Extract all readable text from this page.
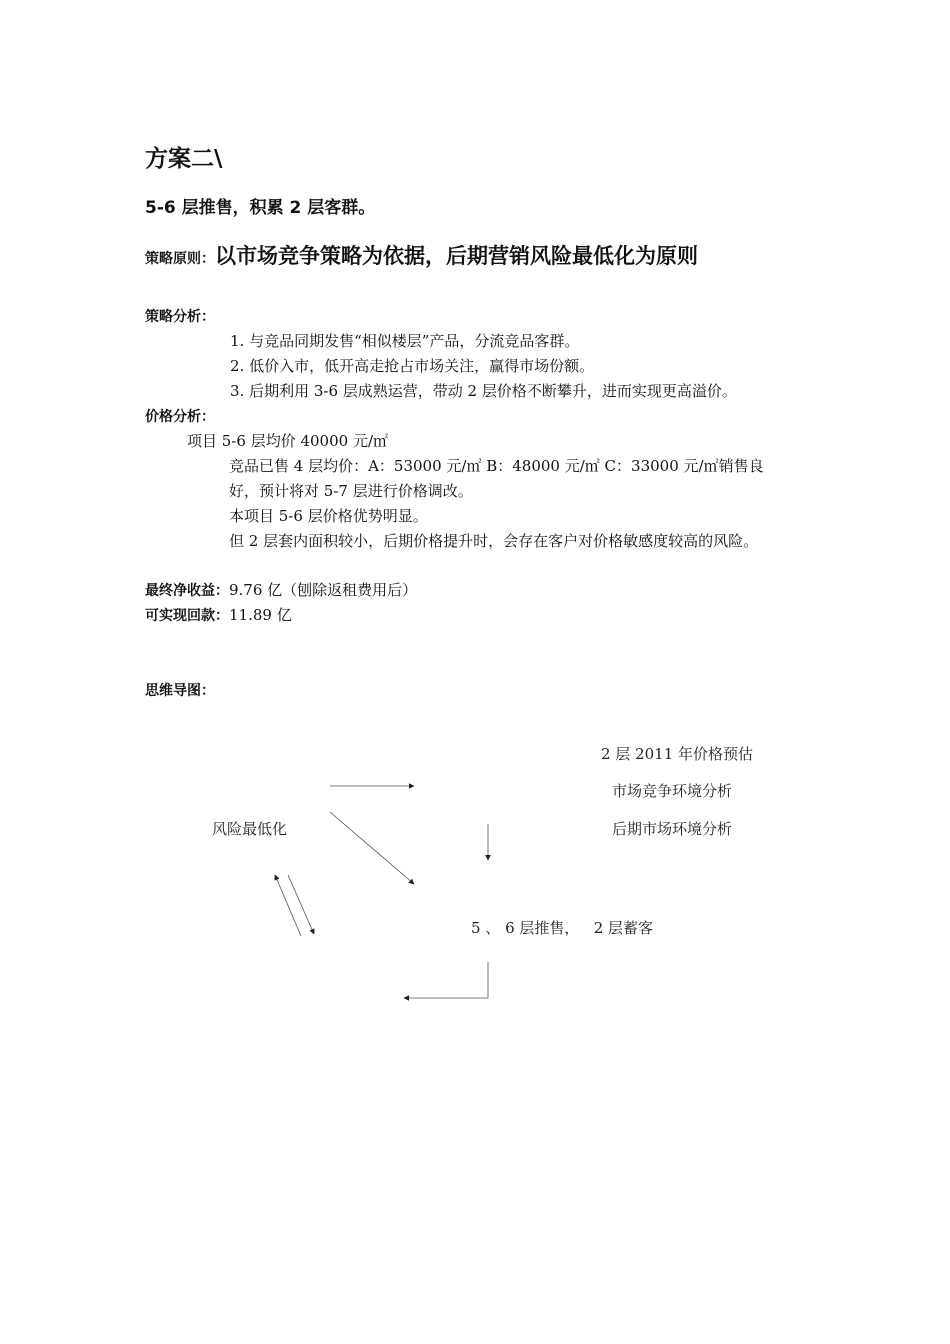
方案二\
5-6 层推售，积累 2 层客群。
策略原则：以市场竞争策略为依据，后期营销风险最低化为原则
策略分析：
1. 与竞品同期发售“相似楼层”产品，分流竞品客群。
2. 低价入市，低开高走抢占市场关注，赢得市场份额。
3. 后期利用 3-6 层成熟运营，带动 2 层价格不断攀升，进而实现更高溢价。
价格分析：
项目 5-6 层均价 40000 元/㎡
竞品已售 4 层均价：A：53000 元/㎡ B：48000 元/㎡ C：33000 元/㎡销售良
好，预计将对 5-7 层进行价格调改。
本项目 5-6 层价格优势明显。
但 2 层套内面积较小，后期价格提升时，会存在客户对价格敏感度较高的风险。
最终净收益：9.76 亿（刨除返租费用后）
可实现回款：11.89 亿
思维导图：
风险最低化
2 层 2011 年价格预估
市场竞争环境分析
后期市场环境分析
5 、 6 层推售，   2 层蓄客
